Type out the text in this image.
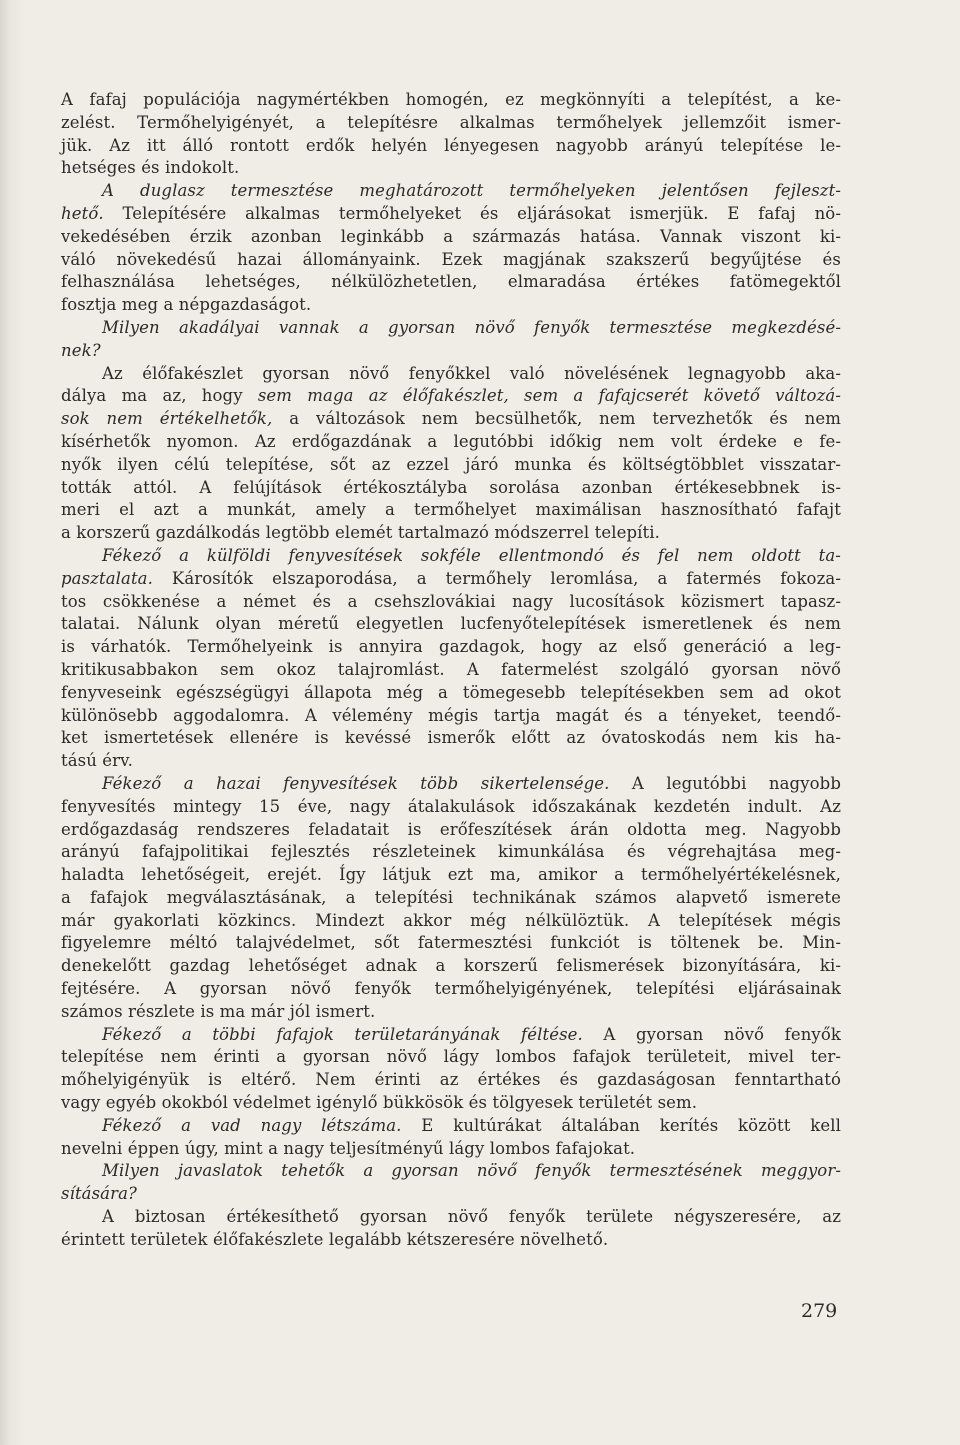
A fafaj populációja nagymértékben homogén, ez megkönnyíti a telepítést, a ke-
zelést. Termőhelyigényét, a telepítésre alkalmas termőhelyek jellemzőit ismer-
jük. Az itt álló rontott erdők helyén lényegesen nagyobb arányú telepítése le-
hetséges és indokolt.
A duglasz termesztése meghatározott termőhelyeken jelentősen fejleszt-
hető. Telepítésére alkalmas termőhelyeket és eljárásokat ismerjük. E fafaj nö-
vekedésében érzik azonban leginkább a származás hatása. Vannak viszont ki-
váló növekedésű hazai állományaink. Ezek magjának szakszerű begyűjtése és
felhasználása lehetséges, nélkülözhetetlen, elmaradása értékes fatömegektől
fosztja meg a népgazdaságot.
Milyen akadályai vannak a gyorsan növő fenyők termesztése megkezdésé-
nek?
Az élőfakészlet gyorsan növő fenyőkkel való növelésének legnagyobb aka-
dálya ma az, hogy sem maga az élőfakészlet, sem a fafajcserét követő változá-
sok nem értékelhetők, a változások nem becsülhetők, nem tervezhetők és nem
kísérhetők nyomon. Az erdőgazdának a legutóbbi időkig nem volt érdeke e fe-
nyők ilyen célú telepítése, sőt az ezzel járó munka és költségtöbblet visszatar-
tották attól. A felújítások értékosztályba sorolása azonban értékesebbnek is-
meri el azt a munkát, amely a termőhelyet maximálisan hasznosítható fafajt
a korszerű gazdálkodás legtöbb elemét tartalmazó módszerrel telepíti.
Fékező a külföldi fenyvesítések sokféle ellentmondó és fel nem oldott ta-
pasztalata. Károsítók elszaporodása, a termőhely leromlása, a fatermés fokoza-
tos csökkenése a német és a csehszlovákiai nagy lucosítások közismert tapasz-
talatai. Nálunk olyan méretű elegyetlen lucfenyőtelepítések ismeretlenek és nem
is várhatók. Termőhelyeink is annyira gazdagok, hogy az első generáció a leg-
kritikusabbakon sem okoz talajromlást. A fatermelést szolgáló gyorsan növő
fenyveseink egészségügyi állapota még a tömegesebb telepítésekben sem ad okot
különösebb aggodalomra. A vélemény mégis tartja magát és a tényeket, teendő-
ket ismertetések ellenére is kevéssé ismerők előtt az óvatoskodás nem kis ha-
tású érv.
Fékező a hazai fenyvesítések több sikertelensége. A legutóbbi nagyobb
fenyvesítés mintegy 15 éve, nagy átalakulások időszakának kezdetén indult. Az
erdőgazdaság rendszeres feladatait is erőfeszítések árán oldotta meg. Nagyobb
arányú fafajpolitikai fejlesztés részleteinek kimunkálása és végrehajtása meg-
haladta lehetőségeit, erejét. Így látjuk ezt ma, amikor a termőhelyértékelésnek,
a fafajok megválasztásának, a telepítési technikának számos alapvető ismerete
már gyakorlati közkincs. Mindezt akkor még nélkülöztük. A telepítések mégis
figyelemre méltó talajvédelmet, sőt fatermesztési funkciót is töltenek be. Min-
denekelőtt gazdag lehetőséget adnak a korszerű felismerések bizonyítására, ki-
fejtésére. A gyorsan növő fenyők termőhelyigényének, telepítési eljárásainak
számos részlete is ma már jól ismert.
Fékező a többi fafajok területarányának féltése. A gyorsan növő fenyők
telepítése nem érinti a gyorsan növő lágy lombos fafajok területeit, mivel ter-
mőhelyigényük is eltérő. Nem érinti az értékes és gazdaságosan fenntartható
vagy egyéb okokból védelmet igénylő bükkösök és tölgyesek területét sem.
Fékező a vad nagy létszáma. E kultúrákat általában kerítés között kell
nevelni éppen úgy, mint a nagy teljesítményű lágy lombos fafajokat.
Milyen javaslatok tehetők a gyorsan növő fenyők termesztésének meggyor-
sítására?
A biztosan értékesíthető gyorsan növő fenyők területe négyszeresére, az
érintett területek élőfakészlete legalább kétszeresére növelhető.
279
